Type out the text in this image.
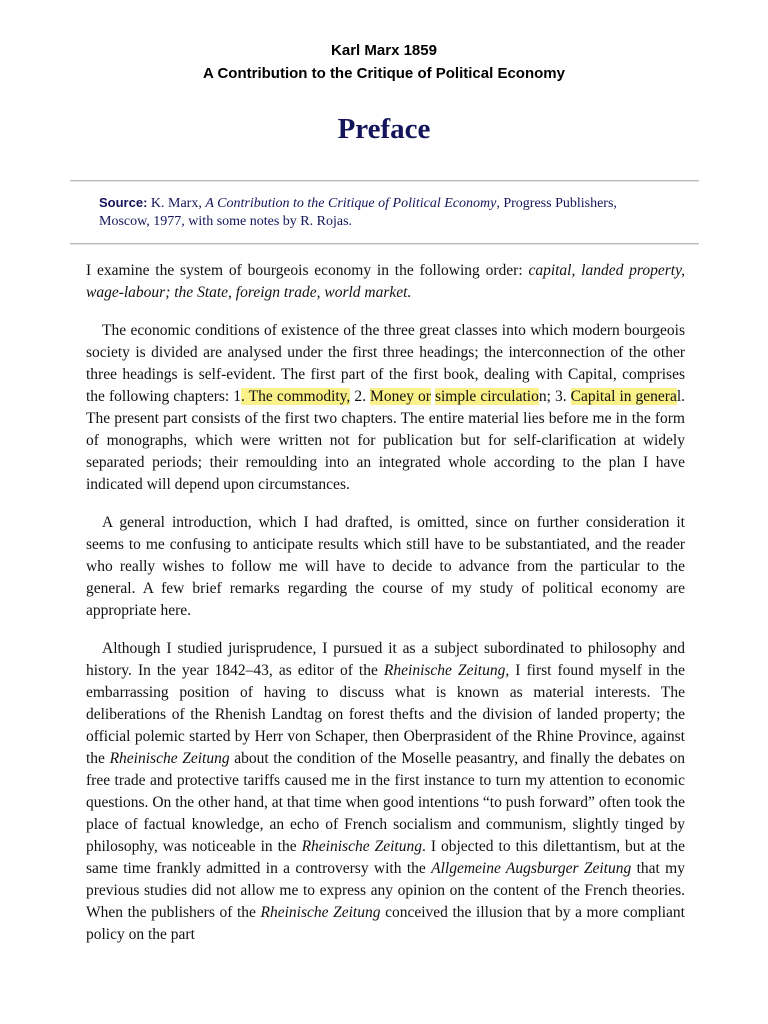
Karl Marx 1859
A Contribution to the Critique of Political Economy
Preface
Source: K. Marx, A Contribution to the Critique of Political Economy, Progress Publishers, Moscow, 1977, with some notes by R. Rojas.

I examine the system of bourgeois economy in the following order: capital, landed property, wage-labour; the State, foreign trade, world market.

The economic conditions of existence of the three great classes into which modern bourgeois society is divided are analysed under the first three headings; the interconnection of the other three headings is self-evident. The first part of the first book, dealing with Capital, comprises the following chapters: 1. The commodity, 2. Money or simple circulation; 3. Capital in general. The present part consists of the first two chapters. The entire material lies before me in the form of monographs, which were written not for publication but for self-clarification at widely separated periods; their remoulding into an integrated whole according to the plan I have indicated will depend upon circumstances.

A general introduction, which I had drafted, is omitted, since on further consideration it seems to me confusing to anticipate results which still have to be substantiated, and the reader who really wishes to follow me will have to decide to advance from the particular to the general. A few brief remarks regarding the course of my study of political economy are appropriate here.

Although I studied jurisprudence, I pursued it as a subject subordinated to philosophy and history. In the year 1842–43, as editor of the Rheinische Zeitung, I first found myself in the embarrassing position of having to discuss what is known as material interests. The deliberations of the Rhenish Landtag on forest thefts and the division of landed property; the official polemic started by Herr von Schaper, then Oberprasident of the Rhine Province, against the Rheinische Zeitung about the condition of the Moselle peasantry, and finally the debates on free trade and protective tariffs caused me in the first instance to turn my attention to economic questions. On the other hand, at that time when good intentions “to push forward” often took the place of factual knowledge, an echo of French socialism and communism, slightly tinged by philosophy, was noticeable in the Rheinische Zeitung. I objected to this dilettantism, but at the same time frankly admitted in a controversy with the Allgemeine Augsburger Zeitung that my previous studies did not allow me to express any opinion on the content of the French theories. When the publishers of the Rheinische Zeitung conceived the illusion that by a more compliant policy on the part
